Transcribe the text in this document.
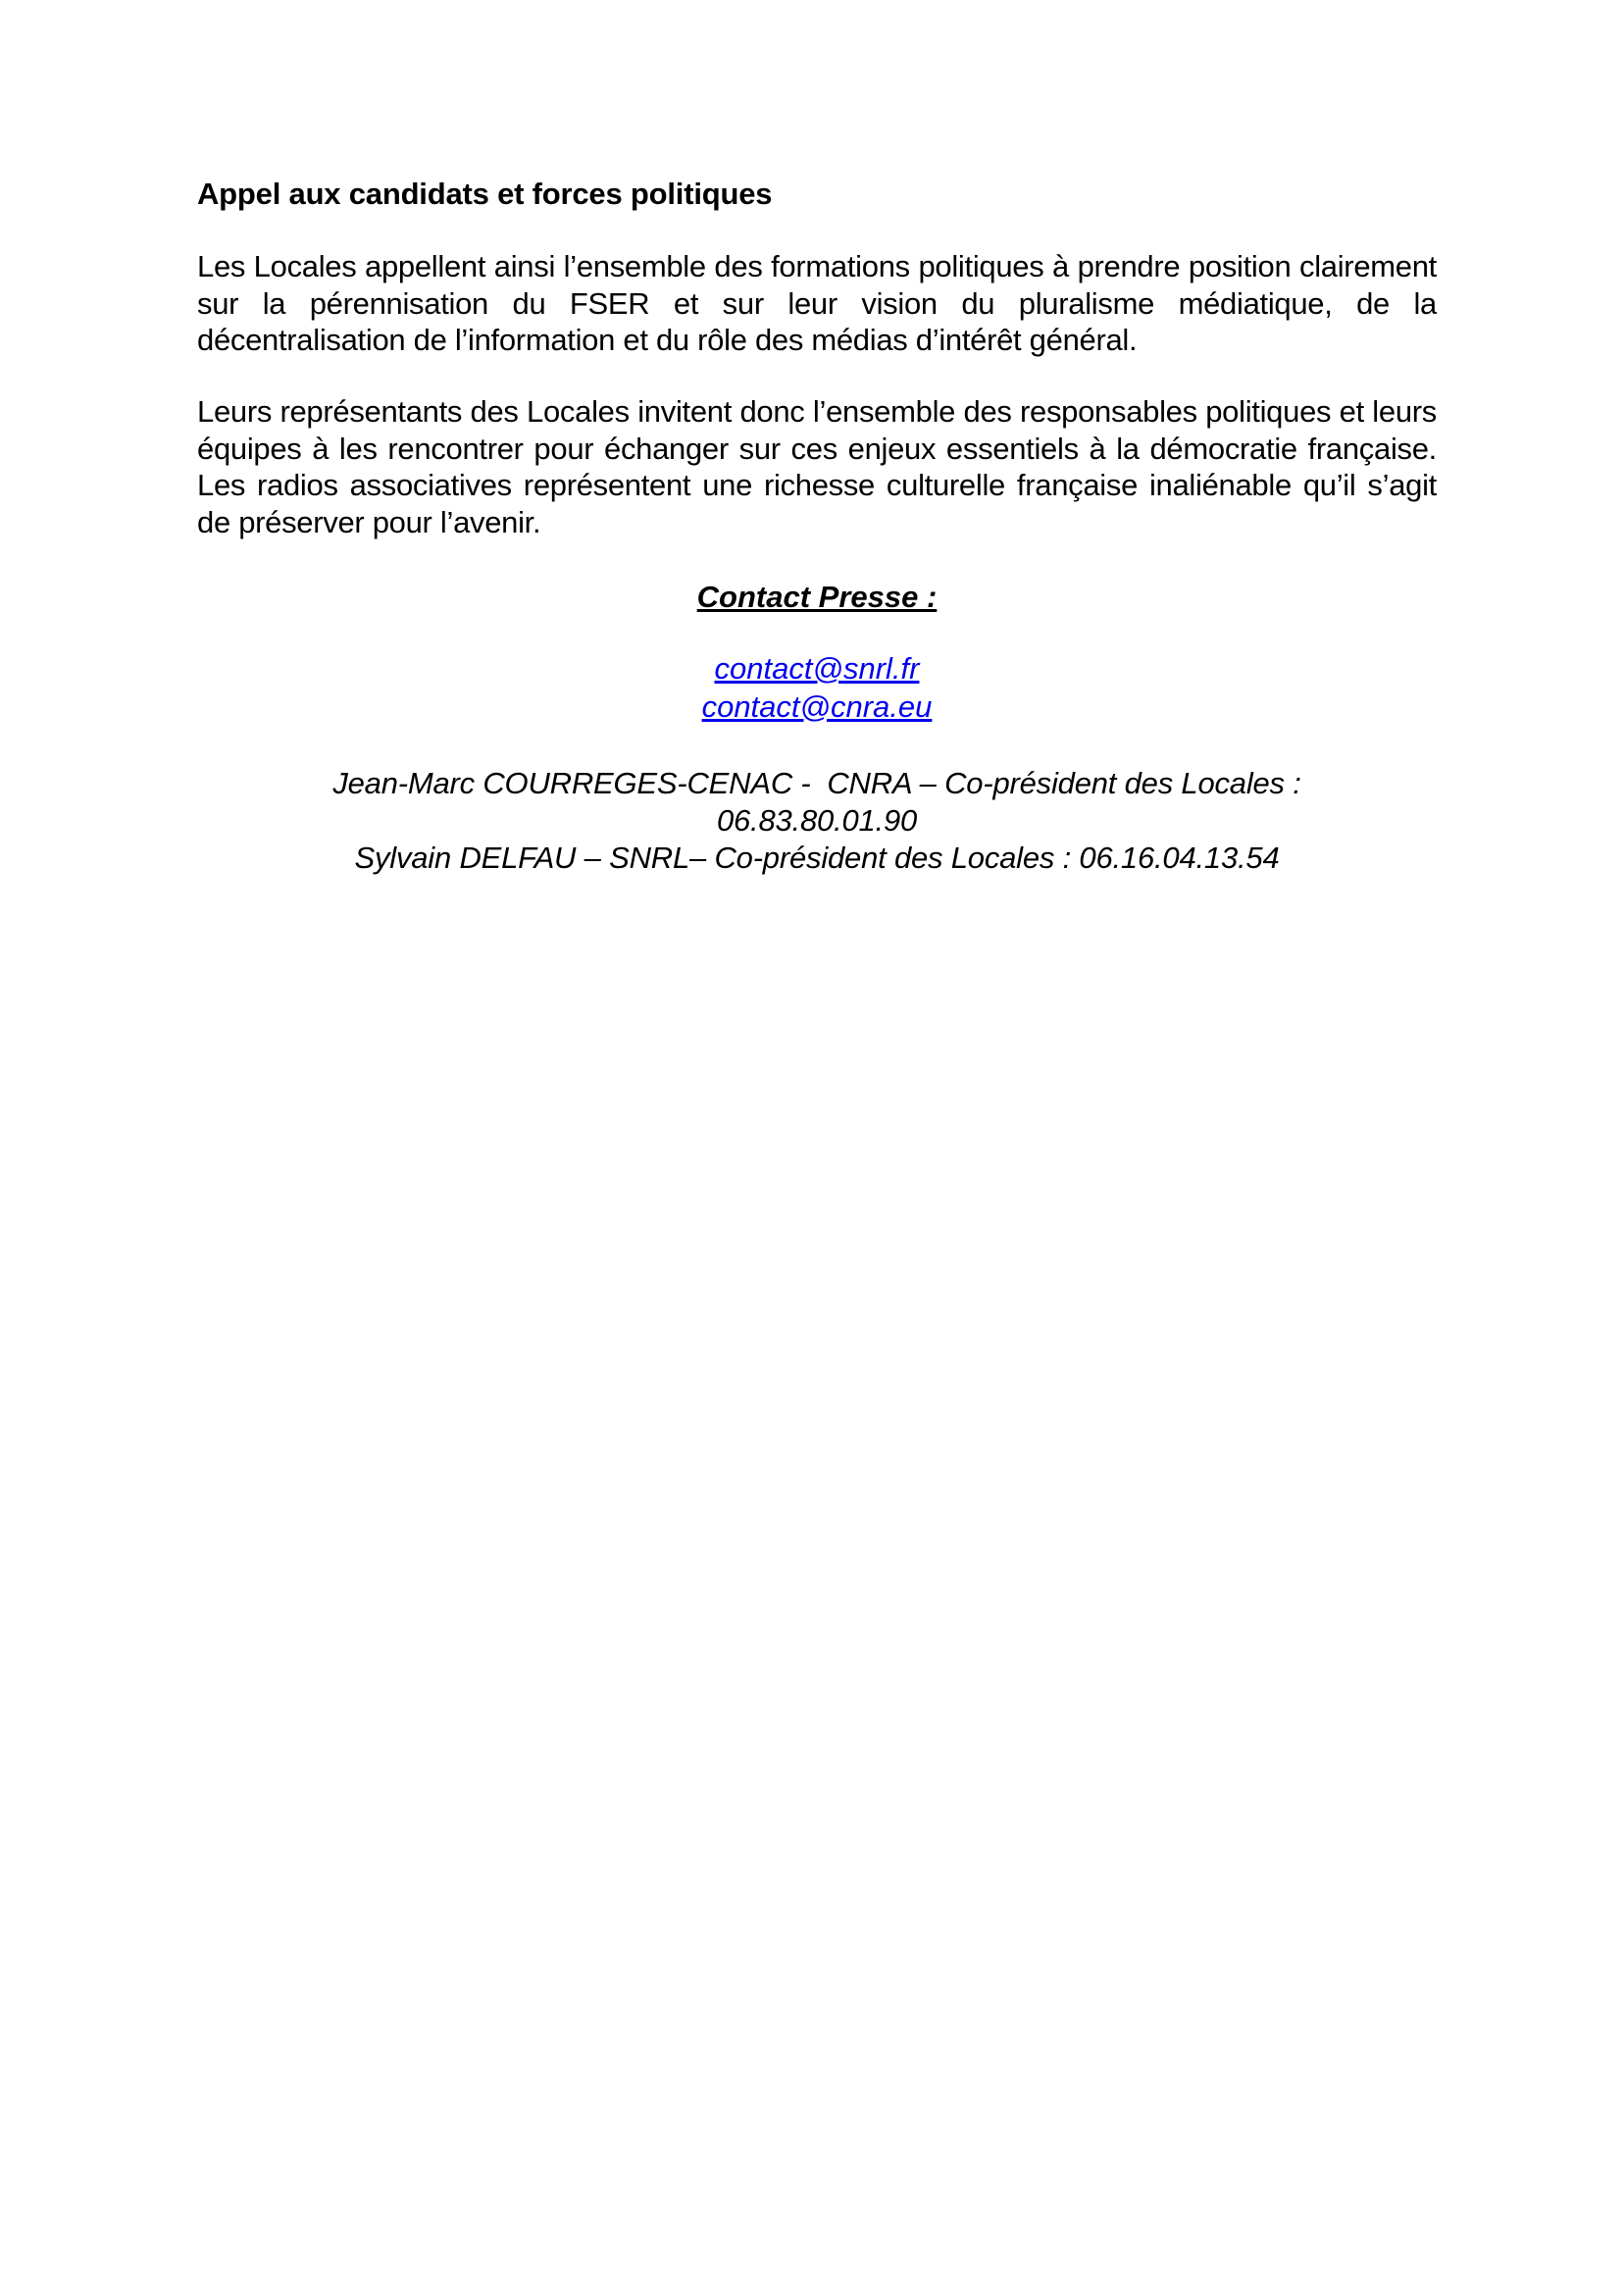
Appel aux candidats et forces politiques

Les Locales appellent ainsi l’ensemble des formations politiques à prendre position clairement sur la pérennisation du FSER et sur leur vision du pluralisme médiatique, de la décentralisation de l’information et du rôle des médias d’intérêt général.

Leurs représentants des Locales invitent donc l’ensemble des responsables politiques et leurs équipes à les rencontrer pour échanger sur ces enjeux essentiels à la démocratie française. Les radios associatives représentent une richesse culturelle française inaliénable qu’il s’agit de préserver pour l’avenir.

Contact Presse :
contact@snrl.fr
contact@cnra.eu
Jean-Marc COURREGES-CENAC -  CNRA – Co-président des Locales :
06.83.80.01.90
Sylvain DELFAU – SNRL– Co-président des Locales : 06.16.04.13.54
